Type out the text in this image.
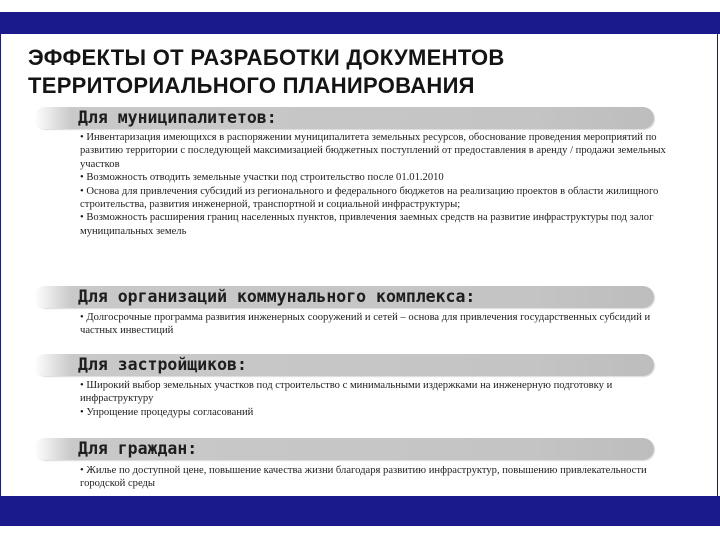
ЭФФЕКТЫ ОТ РАЗРАБОТКИ ДОКУМЕНТОВ
ТЕРРИТОРИАЛЬНОГО ПЛАНИРОВАНИЯ
Для муниципалитетов:

• Инвентаризация имеющихся в распоряжении муниципалитета земельных ресурсов, обоснование проведения мероприятий по развитию территории с последующей максимизацией бюджетных поступлений от предоставления в аренду / продажи земельных участков

• Возможность отводить земельные участки под строительство после 01.01.2010

• Основа для привлечения субсидий из регионального и федерального бюджетов на реализацию проектов в области жилищного строительства, развития инженерной, транспортной и социальной инфраструктуры;

• Возможность расширения границ населенных пунктов, привлечения заемных средств на развитие инфраструктуры под залог муниципальных земель

Для организаций коммунального комплекса:

• Долгосрочные программа развития инженерных сооружений и сетей – основа для привлечения государственных субсидий и частных инвестиций

Для застройщиков:

• Широкий выбор земельных участков под строительство с минимальными издержками на инженерную подготовку и инфраструктуру

• Упрощение процедуры согласований

Для граждан:

• Жилье по доступной цене, повышение качества жизни благодаря развитию инфраструктур, повышению привлекательности городской среды
